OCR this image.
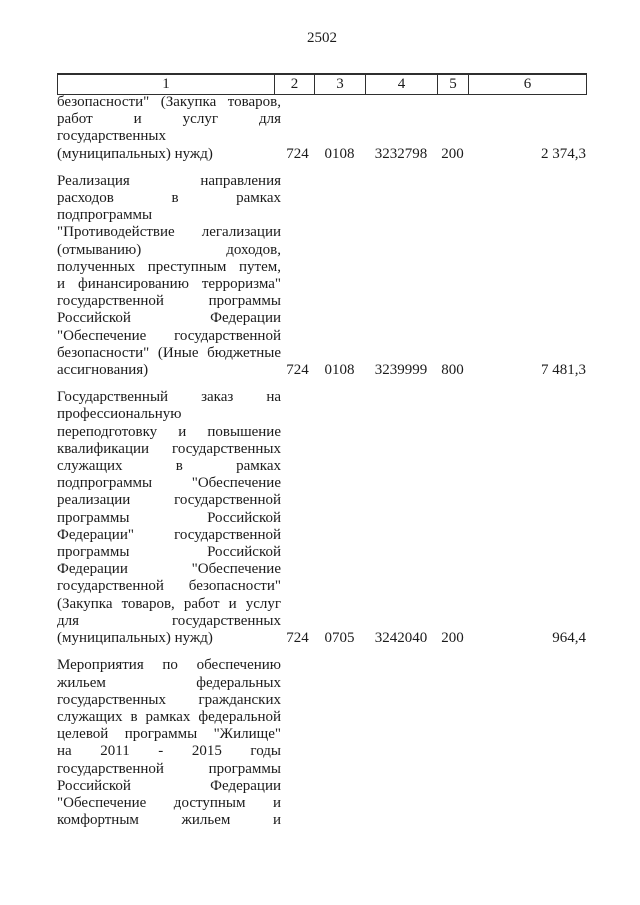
2502
1	2	3	4	5	6
безопасности" (Закупка товаров,
работ и услуг для
государственных
(муниципальных) нужд)	724	0108	3232798 200	2 374,3
Реализация направления
расходов в рамках
подпрограммы
"Противодействие легализации
(отмыванию) доходов,
полученных преступным путем,
и финансированию терроризма"
государственной программы
Российской Федерации
"Обеспечение государственной
безопасности" (Иные бюджетные
ассигнования)	724	0108	3239999 800	7 481,3
Государственный заказ на
профессиональную
переподготовку и повышение
квалификации государственных
служащих в рамках
подпрограммы "Обеспечение
реализации государственной
программы Российской
Федерации" государственной
программы Российской
Федерации "Обеспечение
государственной безопасности"
(Закупка товаров, работ и услуг
для государственных
(муниципальных) нужд)	724	0705	3242040 200	964,4
Мероприятия по обеспечению
жильем федеральных
государственных гражданских
служащих в рамках федеральной
целевой программы "Жилище"
на 2011 - 2015 годы
государственной программы
Российской Федерации
"Обеспечение доступным и
комфортным жильем и
